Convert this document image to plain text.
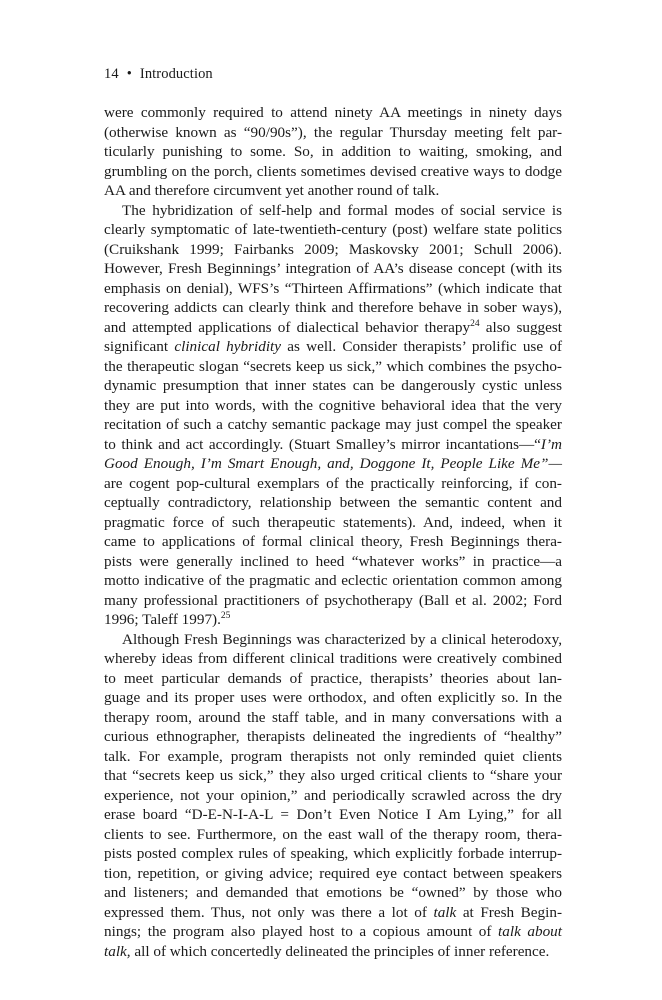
14 • Introduction

were commonly required to attend ninety AA meetings in ninety days
(otherwise known as “90/90s”), the regular Thursday meeting felt par-
ticularly punishing to some. So, in addition to waiting, smoking, and
grumbling on the porch, clients sometimes devised creative ways to dodge
AA and therefore circumvent yet another round of talk.

The hybridization of self-help and formal modes of social service is
clearly symptomatic of late-twentieth-century (post) welfare state politics
(Cruikshank 1999; Fairbanks 2009; Maskovsky 2001; Schull 2006).
However, Fresh Beginnings’ integration of AA’s disease concept (with its
emphasis on denial), WFS’s “Thirteen Affirmations” (which indicate that
recovering addicts can clearly think and therefore behave in sober ways),
and attempted applications of dialectical behavior therapy$^{24}$ also suggest
significant clinical hybridity as well. Consider therapists’ prolific use of
the therapeutic slogan “secrets keep us sick,” which combines the psycho-
dynamic presumption that inner states can be dangerously cystic unless
they are put into words, with the cognitive behavioral idea that the very
recitation of such a catchy semantic package may just compel the speaker
to think and act accordingly. (Stuart Smalley’s mirror incantations—“I’m
Good Enough, I’m Smart Enough, and, Doggone It, People Like Me”—
are cogent pop-cultural exemplars of the practically reinforcing, if con-
ceptually contradictory, relationship between the semantic content and
pragmatic force of such therapeutic statements). And, indeed, when it
came to applications of formal clinical theory, Fresh Beginnings thera-
pists were generally inclined to heed “whatever works” in practice—a
motto indicative of the pragmatic and eclectic orientation common among
many professional practitioners of psychotherapy (Ball et al. 2002; Ford
1996; Taleff 1997).$^{25}$

Although Fresh Beginnings was characterized by a clinical heterodoxy,
whereby ideas from different clinical traditions were creatively combined
to meet particular demands of practice, therapists’ theories about lan-
guage and its proper uses were orthodox, and often explicitly so. In the
therapy room, around the staff table, and in many conversations with a
curious ethnographer, therapists delineated the ingredients of “healthy”
talk. For example, program therapists not only reminded quiet clients
that “secrets keep us sick,” they also urged critical clients to “share your
experience, not your opinion,” and periodically scrawled across the dry
erase board “D-E-N-I-A-L = Don’t Even Notice I Am Lying,” for all
clients to see. Furthermore, on the east wall of the therapy room, thera-
pists posted complex rules of speaking, which explicitly forbade interrup-
tion, repetition, or giving advice; required eye contact between speakers
and listeners; and demanded that emotions be “owned” by those who
expressed them. Thus, not only was there a lot of talk at Fresh Begin-
nings; the program also played host to a copious amount of talk about
talk, all of which concertedly delineated the principles of inner reference.
